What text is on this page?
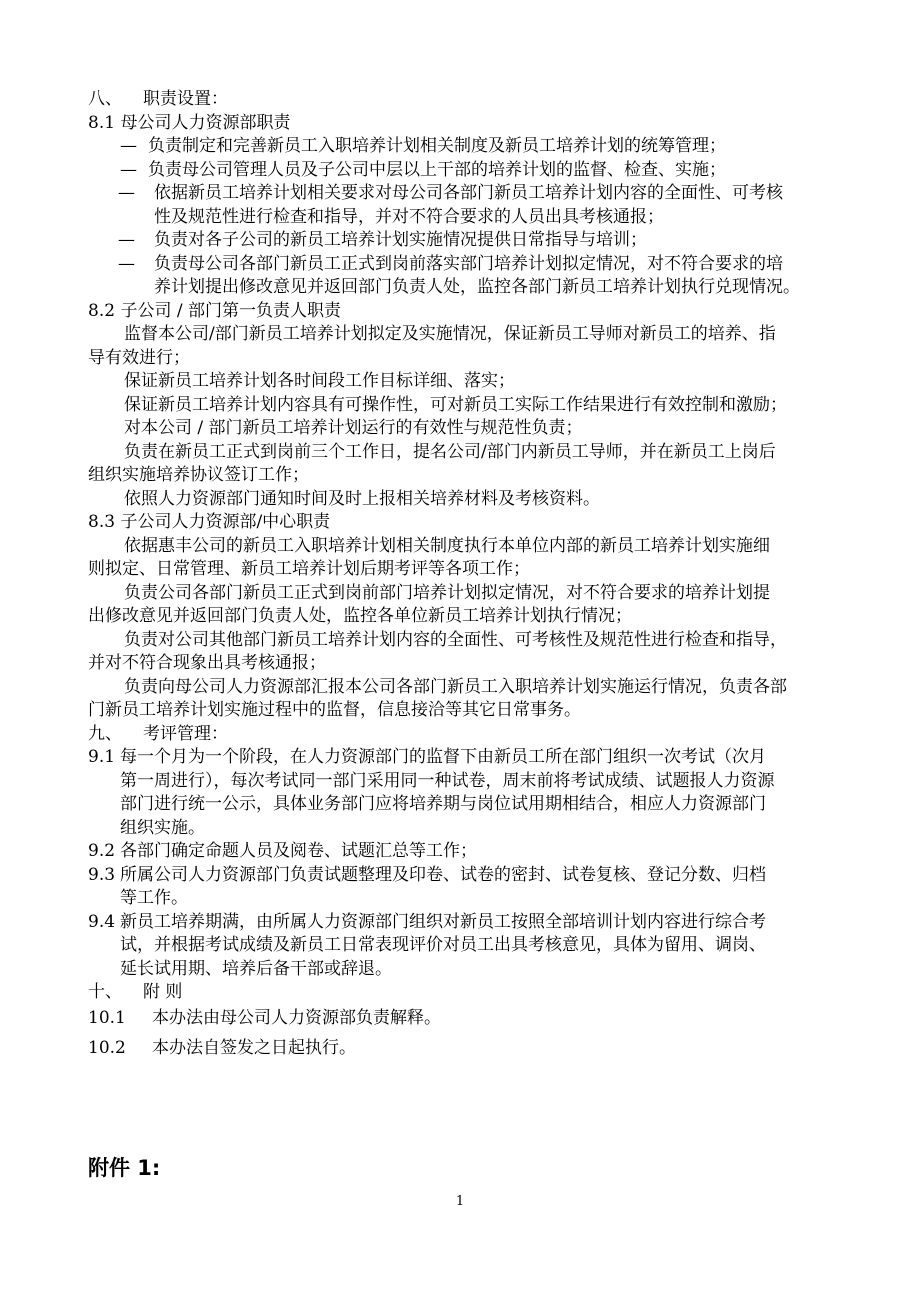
八、 职责设置：
8.1 母公司人力资源部职责
— 负责制定和完善新员工入职培养计划相关制度及新员工培养计划的统筹管理；
— 负责母公司管理人员及子公司中层以上干部的培养计划的监督、检查、实施；
— 依据新员工培养计划相关要求对母公司各部门新员工培养计划内容的全面性、可考核
性及规范性进行检查和指导，并对不符合要求的人员出具考核通报；
— 负责对各子公司的新员工培养计划实施情况提供日常指导与培训；
— 负责母公司各部门新员工正式到岗前落实部门培养计划拟定情况，对不符合要求的培
养计划提出修改意见并返回部门负责人处，监控各部门新员工培养计划执行兑现情况。
8.2 子公司 / 部门第一负责人职责
监督本公司/部门新员工培养计划拟定及实施情况，保证新员工导师对新员工的培养、指
导有效进行；
保证新员工培养计划各时间段工作目标详细、落实；
保证新员工培养计划内容具有可操作性，可对新员工实际工作结果进行有效控制和激励；
对本公司 / 部门新员工培养计划运行的有效性与规范性负责；
负责在新员工正式到岗前三个工作日，提名公司/部门内新员工导师，并在新员工上岗后
组织实施培养协议签订工作；
依照人力资源部门通知时间及时上报相关培养材料及考核资料。
8.3 子公司人力资源部/中心职责
依据惠丰公司的新员工入职培养计划相关制度执行本单位内部的新员工培养计划实施细
则拟定、日常管理、新员工培养计划后期考评等各项工作；
负责公司各部门新员工正式到岗前部门培养计划拟定情况，对不符合要求的培养计划提
出修改意见并返回部门负责人处，监控各单位新员工培养计划执行情况；
负责对公司其他部门新员工培养计划内容的全面性、可考核性及规范性进行检查和指导，
并对不符合现象出具考核通报；
负责向母公司人力资源部汇报本公司各部门新员工入职培养计划实施运行情况，负责各部
门新员工培养计划实施过程中的监督，信息接洽等其它日常事务。
九、 考评管理：
9.1 每一个月为一个阶段，在人力资源部门的监督下由新员工所在部门组织一次考试（次月
第一周进行），每次考试同一部门采用同一种试卷，周末前将考试成绩、试题报人力资源
部门进行统一公示，具体业务部门应将培养期与岗位试用期相结合，相应人力资源部门
组织实施。
9.2 各部门确定命题人员及阅卷、试题汇总等工作；
9.3 所属公司人力资源部门负责试题整理及印卷、试卷的密封、试卷复核、登记分数、归档
等工作。
9.4 新员工培养期满，由所属人力资源部门组织对新员工按照全部培训计划内容进行综合考
试，并根据考试成绩及新员工日常表现评价对员工出具考核意见，具体为留用、调岗、
延长试用期、培养后备干部或辞退。
十、 附 则
10.1	本办法由母公司人力资源部负责解释。
10.2	本办法自签发之日起执行。
附件 1:
1
